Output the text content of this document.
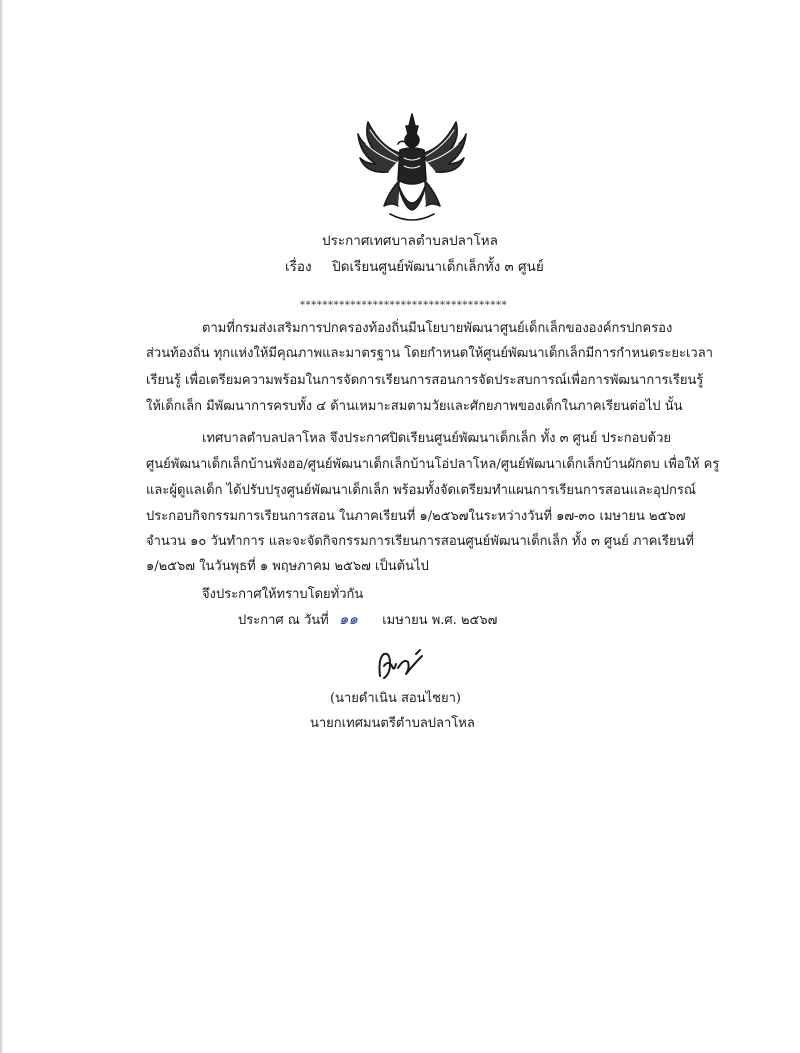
ประกาศเทศบาลตำบลปลาโหล
เรื่อง ปิดเรียนศูนย์พัฒนาเด็กเล็กทั้ง ๓ ศูนย์
*************************************
ตามที่กรมส่งเสริมการปกครองท้องถิ่นมีนโยบายพัฒนาศูนย์เด็กเล็กขององค์กรปกครอง
ส่วนท้องถิ่น ทุกแห่งให้มีคุณภาพและมาตรฐาน โดยกำหนดให้ศูนย์พัฒนาเด็กเล็กมีการกำหนดระยะเวลา
เรียนรู้ เพื่อเตรียมความพร้อมในการจัดการเรียนการสอนการจัดประสบการณ์เพื่อการพัฒนาการเรียนรู้
ให้เด็กเล็ก มีพัฒนาการครบทั้ง ๔ ด้านเหมาะสมตามวัยและศักยภาพของเด็กในภาคเรียนต่อไป นั้น
เทศบาลตำบลปลาโหล จึงประกาศปิดเรียนศูนย์พัฒนาเด็กเล็ก ทั้ง ๓ ศูนย์ ประกอบด้วย
ศูนย์พัฒนาเด็กเล็กบ้านพังฮอ/ศูนย์พัฒนาเด็กเล็กบ้านโอ่ปลาโหล/ศูนย์พัฒนาเด็กเล็กบ้านผักตบ เพื่อให้ ครู
และผู้ดูแลเด็ก ได้ปรับปรุงศูนย์พัฒนาเด็กเล็ก พร้อมทั้งจัดเตรียมทำแผนการเรียนการสอนและอุปกรณ์
ประกอบกิจกรรมการเรียนการสอน ในภาคเรียนที่ ๑/๒๕๖๗ในระหว่างวันที่ ๑๗-๓๐ เมษายน ๒๕๖๗
จำนวน ๑๐ วันทำการ และจะจัดกิจกรรมการเรียนการสอนศูนย์พัฒนาเด็กเล็ก ทั้ง ๓ ศูนย์ ภาคเรียนที่
๑/๒๕๖๗ ในวันพุธที่ ๑ พฤษภาคม ๒๕๖๗ เป็นต้นไป
จึงประกาศให้ทราบโดยทั่วกัน
ประกาศ ณ วันที่ ๑๑ เมษายน พ.ศ. ๒๕๖๗
(นายดำเนิน สอนไชยา)
นายกเทศมนตรีตำบลปลาโหล
